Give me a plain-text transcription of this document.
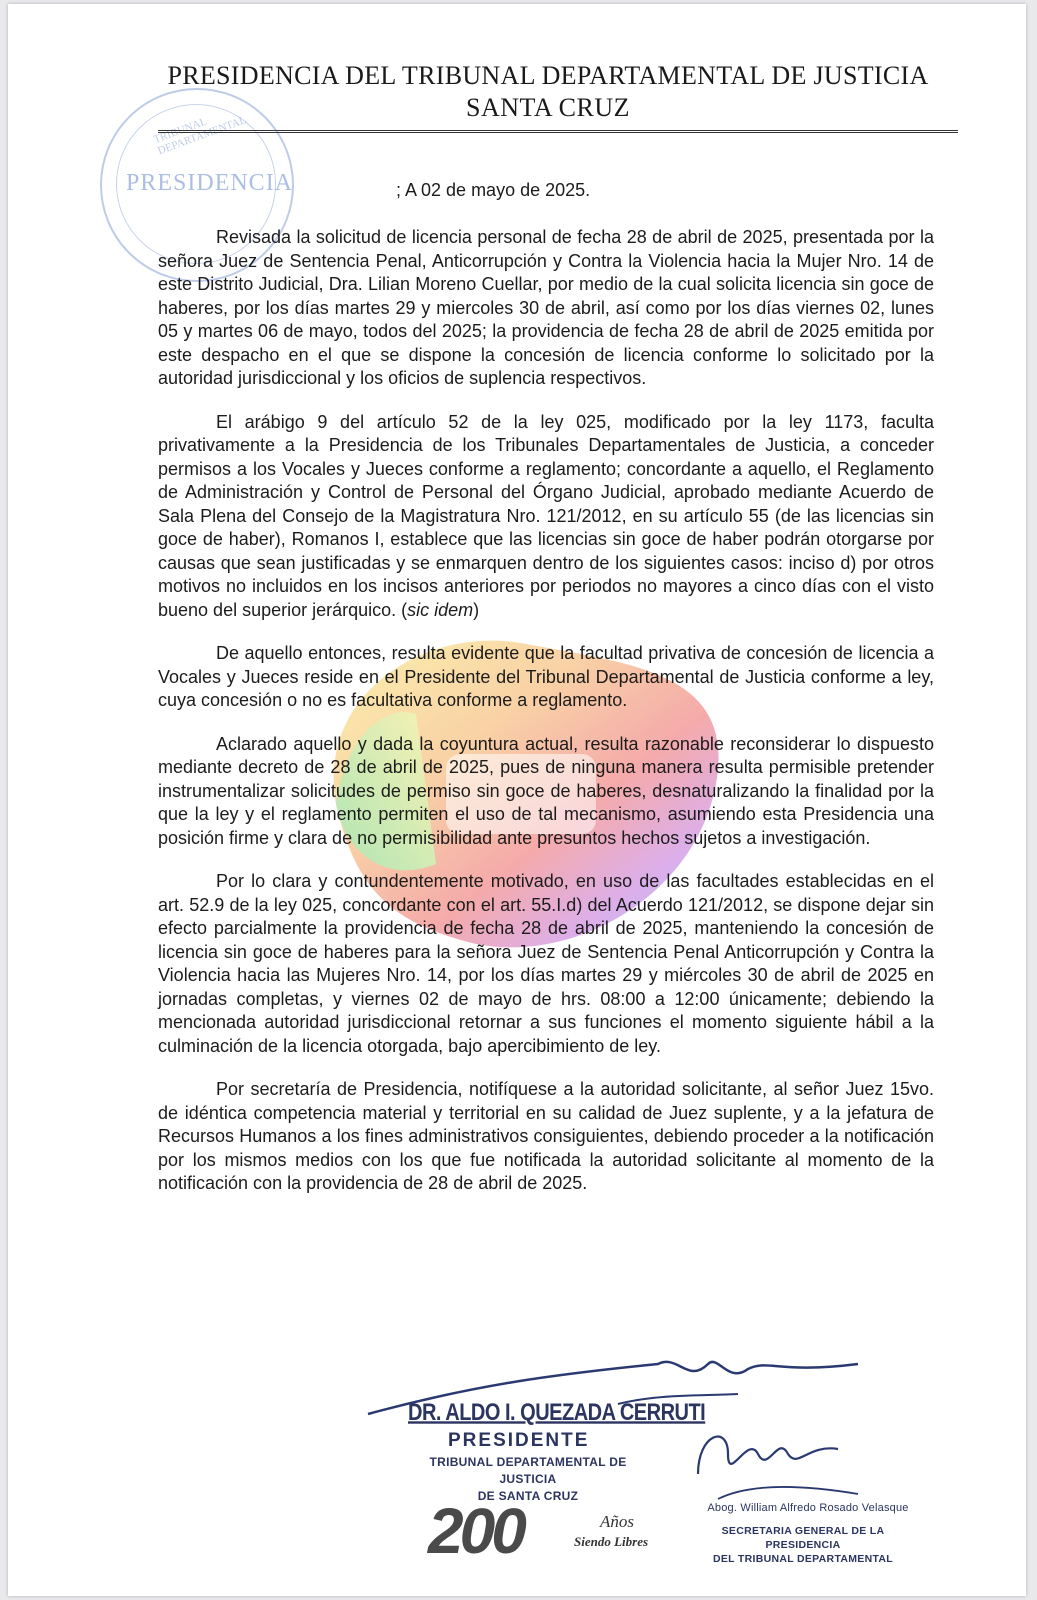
TRIBUNAL DEPARTAMENTAL
PRESIDENCIA
PRESIDENCIA DEL TRIBUNAL DEPARTAMENTAL DE JUSTICIA
SANTA CRUZ
; A 02 de mayo de 2025.

Revisada la solicitud de licencia personal de fecha 28 de abril de 2025, presentada por la señora Juez de Sentencia Penal, Anticorrupción y Contra la Violencia hacia la Mujer Nro. 14 de este Distrito Judicial, Dra. Lilian Moreno Cuellar, por medio de la cual solicita licencia sin goce de haberes, por los días martes 29 y miercoles 30 de abril, así como por los días viernes 02, lunes 05 y martes 06 de mayo, todos del 2025; la providencia de fecha 28 de abril de 2025 emitida por este despacho en el que se dispone la concesión de licencia conforme lo solicitado por la autoridad jurisdiccional y los oficios de suplencia respectivos.

El arábigo 9 del artículo 52 de la ley 025, modificado por la ley 1173, faculta privativamente a la Presidencia de los Tribunales Departamentales de Justicia, a conceder permisos a los Vocales y Jueces conforme a reglamento; concordante a aquello, el Reglamento de Administración y Control de Personal del Órgano Judicial, aprobado mediante Acuerdo de Sala Plena del Consejo de la Magistratura Nro. 121/2012, en su artículo 55 (de las licencias sin goce de haber), Romanos I, establece que las licencias sin goce de haber podrán otorgarse por causas que sean justificadas y se enmarquen dentro de los siguientes casos: inciso d) por otros motivos no incluidos en los incisos anteriores por periodos no mayores a cinco días con el visto bueno del superior jerárquico. (sic idem)

De aquello entonces, resulta evidente que la facultad privativa de concesión de licencia a Vocales y Jueces reside en el Presidente del Tribunal Departamental de Justicia conforme a ley, cuya concesión o no es facultativa conforme a reglamento.

Aclarado aquello y dada la coyuntura actual, resulta razonable reconsiderar lo dispuesto mediante decreto de 28 de abril de 2025, pues de ninguna manera resulta permisible pretender instrumentalizar solicitudes de permiso sin goce de haberes, desnaturalizando la finalidad por la que la ley y el reglamento permiten el uso de tal mecanismo, asumiendo esta Presidencia una posición firme y clara de no permisibilidad ante presuntos hechos sujetos a investigación.

Por lo clara y contundentemente motivado, en uso de las facultades establecidas en el art. 52.9 de la ley 025, concordante con el art. 55.I.d) del Acuerdo 121/2012, se dispone dejar sin efecto parcialmente la providencia de fecha 28 de abril de 2025, manteniendo la concesión de licencia sin goce de haberes para la señora Juez de Sentencia Penal Anticorrupción y Contra la Violencia hacia las Mujeres Nro. 14, por los días martes 29 y miércoles 30 de abril de 2025 en jornadas completas, y viernes 02 de mayo de hrs. 08:00 a 12:00 únicamente; debiendo la mencionada autoridad jurisdiccional retornar a sus funciones el momento siguiente hábil a la culminación de la licencia otorgada, bajo apercibimiento de ley.

Por secretaría de Presidencia, notifíquese a la autoridad solicitante, al señor Juez 15vo. de idéntica competencia material y territorial en su calidad de Juez suplente, y a la jefatura de Recursos Humanos a los fines administrativos consiguientes, debiendo proceder a la notificación por los mismos medios con los que fue notificada la autoridad solicitante al momento de la notificación con la providencia de 28 de abril de 2025.

DR. ALDO I. QUEZADA CERRUTI
PRESIDENTE
TRIBUNAL DEPARTAMENTAL DE JUSTICIA
DE SANTA CRUZ
200	Años
Siendo Libres
Abog. William Alfredo Rosado Velasque
SECRETARIA GENERAL DE LA PRESIDENCIA
DEL TRIBUNAL DEPARTAMENTAL
